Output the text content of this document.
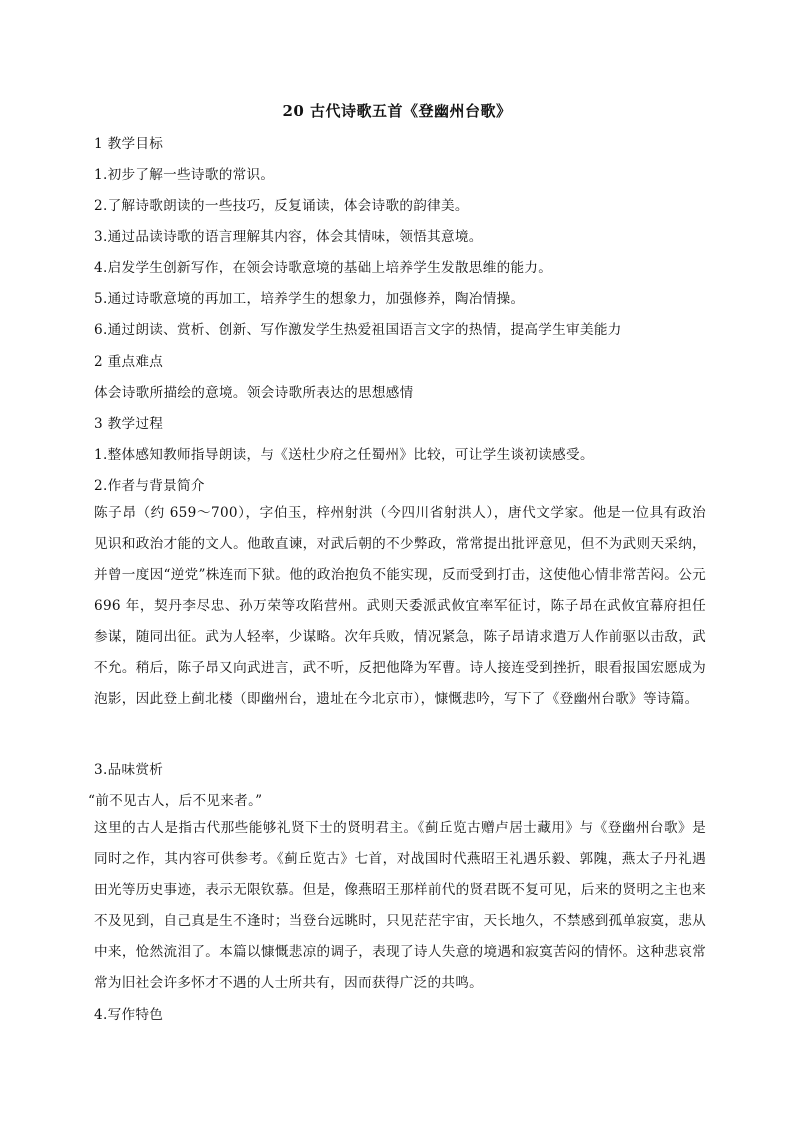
20 古代诗歌五首《登幽州台歌》
1 教学目标
1.初步了解一些诗歌的常识。
2.了解诗歌朗读的一些技巧，反复诵读，体会诗歌的韵律美。
3.通过品读诗歌的语言理解其内容，体会其情味，领悟其意境。
4.启发学生创新写作，在领会诗歌意境的基础上培养学生发散思维的能力。
5.通过诗歌意境的再加工，培养学生的想象力，加强修养，陶冶情操。
6.通过朗读、赏析、创新、写作激发学生热爱祖国语言文字的热情，提高学生审美能力
2 重点难点
体会诗歌所描绘的意境。领会诗歌所表达的思想感情
3 教学过程
1.整体感知教师指导朗读，与《送杜少府之任蜀州》比较，可让学生谈初读感受。
2.作者与背景简介
陈子昂（约 659～700），字伯玉，梓州射洪（今四川省射洪人），唐代文学家。他是一位具有政治见识和政治才能的文人。他敢直谏，对武后朝的不少弊政，常常提出批评意见，但不为武则天采纳，并曾一度因“逆党”株连而下狱。他的政治抱负不能实现，反而受到打击，这使他心情非常苦闷。公元 696 年，契丹李尽忠、孙万荣等攻陷营州。武则天委派武攸宜率军征讨，陈子昂在武攸宜幕府担任参谋，随同出征。武为人轻率，少谋略。次年兵败，情况紧急，陈子昂请求遣万人作前驱以击敌，武不允。稍后，陈子昂又向武进言，武不听，反把他降为军曹。诗人接连受到挫折，眼看报国宏愿成为泡影，因此登上蓟北楼（即幽州台，遗址在今北京市），慷慨悲吟，写下了《登幽州台歌》等诗篇。
3.品味赏析
“前不见古人，后不见来者。”
这里的古人是指古代那些能够礼贤下士的贤明君主。《蓟丘览古赠卢居士藏用》与《登幽州台歌》是同时之作，其内容可供参考。《蓟丘览古》七首，对战国时代燕昭王礼遇乐毅、郭隗，燕太子丹礼遇田光等历史事迹，表示无限钦慕。但是，像燕昭王那样前代的贤君既不复可见，后来的贤明之主也来不及见到，自己真是生不逢时；当登台远眺时，只见茫茫宇宙，天长地久，不禁感到孤单寂寞，悲从中来，怆然流泪了。本篇以慷慨悲凉的调子，表现了诗人失意的境遇和寂寞苦闷的情怀。这种悲哀常常为旧社会许多怀才不遇的人士所共有，因而获得广泛的共鸣。
4.写作特色
